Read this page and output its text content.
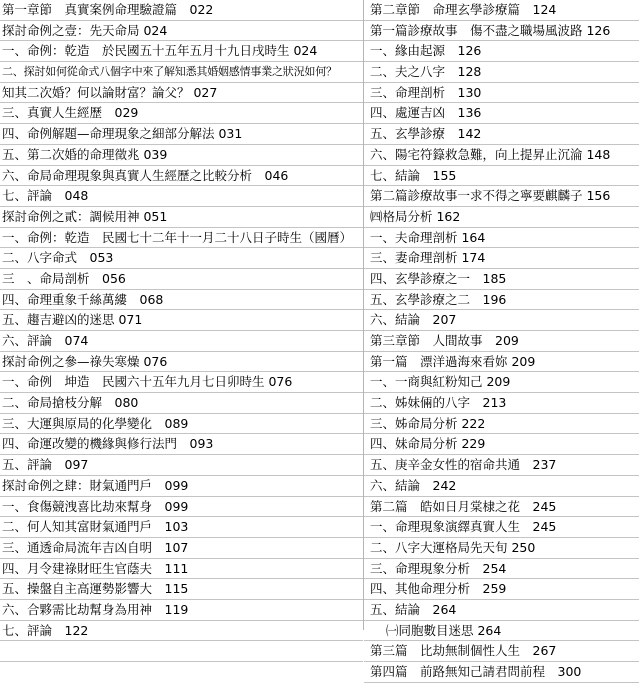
第一章節　真實案例命理驗證篇　022
探討命例之壹：先天命局 024
一、命例：乾造　於民國五十五年五月十九日戌時生 024
二、探討如何從命式八個字中來了解知悉其婚姻感情事業之狀況如何？
知其二次婚？何以論財富？論父？ 027
三、真實人生經歷　029
四、命例解題—命理現象之細部分解法 031
五、第二次婚的命理徵兆 039
六、命局命理現象與真實人生經歷之比較分析　046
七、評論　048
探討命例之貳：調候用神 051
一、命例：乾造　民國七十二年十一月二十八日子時生（國曆）
二、八字命式　053
三　、命局剖析　056
四、命理重象千絲萬縷　068
五、趨吉避凶的迷思 071
六、評論　074
探討命例之參—祿失寒燥 076
一、命例　坤造　民國六十五年九月七日卯時生 076
二、命局搶枝分解　080
三、大運與原局的化學變化　089
四、命運改變的機緣與修行法門　093
五、評論　097
探討命例之肆：財氣通門戶　099
一、食傷競洩喜比劫來幫身　099
二、何人知其富財氣通門戶　103
三、通透命局流年吉凶自明　107
四、月令建祿財旺生官蔭夫　111
五、操盤自主高運勢影響大　115
六、合夥需比劫幫身為用神　119
七、評論　122
第二章節　命理玄學診療篇　124
第一篇診療故事　傷不盡之職場風波路 126
一、緣由起源　126
二、夫之八字　128
三、命理剖析　130
四、處運吉凶　136
五、玄學診療　142
六、陽宅符籙救急難，向上提昇止沉淪 148
七、結論　155
第二篇診療故事一求不得之寧要麒麟子 156
㈣格局分析 162
一、夫命理剖析 164
三、妻命理剖析 174
四、玄學診療之一　185
五、玄學診療之二　196
六、結論　207
第三章節　人間故事　209
第一篇　漂洋過海來看妳 209
一、一商與紅粉知己 209
二、姊妹倆的八字　213
三、姊命局分析 222
四、妹命局分析 229
五、庚辛金女性的宿命共通　237
六、結論　242
第二篇　皓如日月棠棣之花　245
一、命理現象演繹真實人生　245
二、八字大運格局先天旬 250
三、命理現象分析　254
四、其他命理分析　259
五、結論　264
㈠同胞數目迷思 264
第三篇　比劫無制個性人生　267
第四篇　前路無知己請君問前程　300
